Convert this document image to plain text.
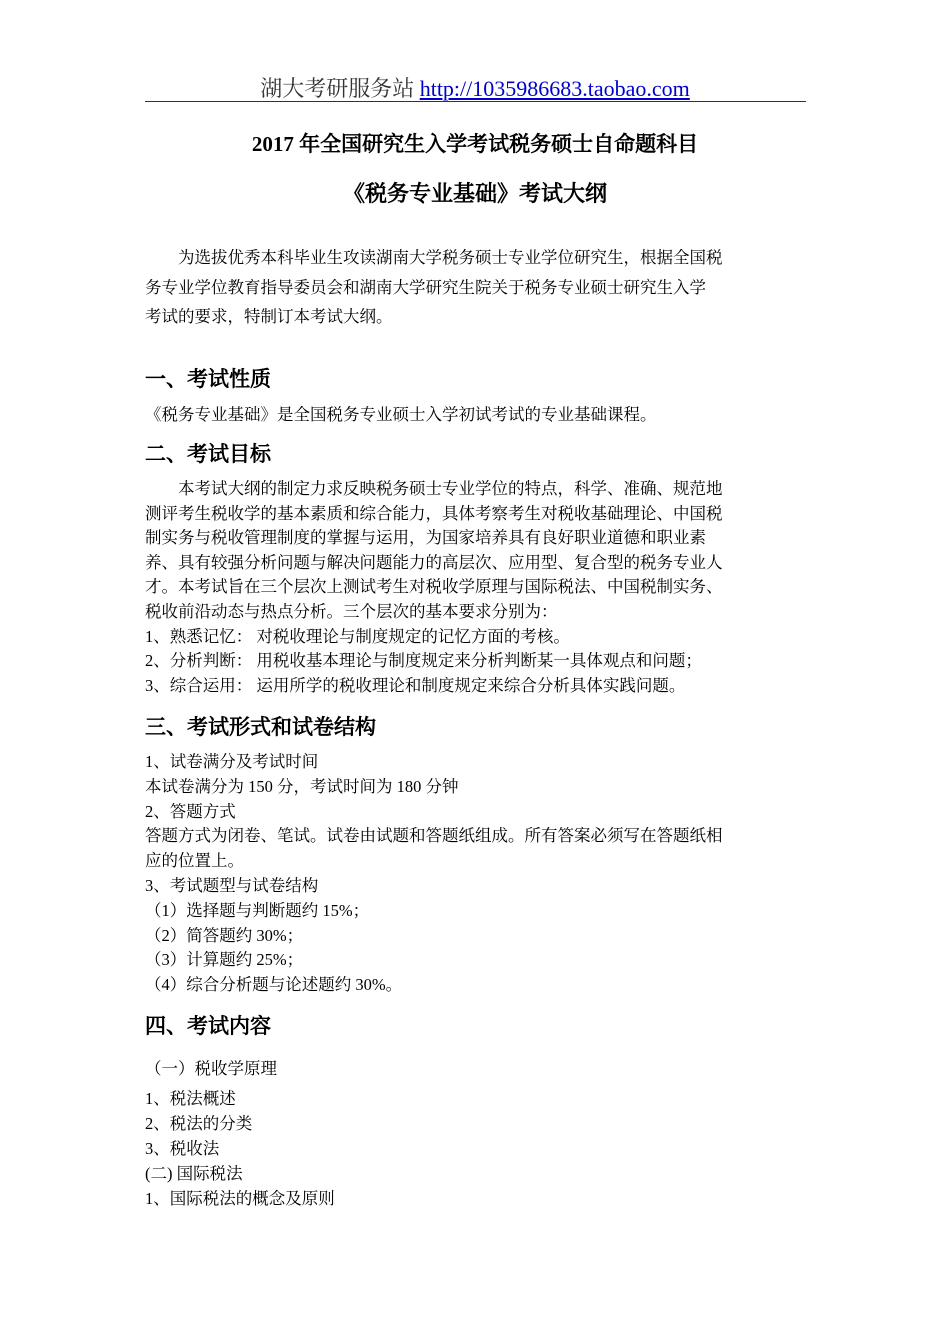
湖大考研服务站 http://1035986683.taobao.com
2017 年全国研究生入学考试税务硕士自命题科目
《税务专业基础》考试大纲
　　为选拔优秀本科毕业生攻读湖南大学税务硕士专业学位研究生，根据全国税
务专业学位教育指导委员会和湖南大学研究生院关于税务专业硕士研究生入学
考试的要求，特制订本考试大纲。
一、考试性质
《税务专业基础》是全国税务专业硕士入学初试考试的专业基础课程。
二、考试目标
　　本考试大纲的制定力求反映税务硕士专业学位的特点，科学、准确、规范地
测评考生税收学的基本素质和综合能力，具体考察考生对税收基础理论、中国税
制实务与税收管理制度的掌握与运用，为国家培养具有良好职业道德和职业素
养、具有较强分析问题与解决问题能力的高层次、应用型、复合型的税务专业人
才。本考试旨在三个层次上测试考生对税收学原理与国际税法、中国税制实务、
税收前沿动态与热点分析。三个层次的基本要求分别为：
1、熟悉记忆： 对税收理论与制度规定的记忆方面的考核。
2、分析判断： 用税收基本理论与制度规定来分析判断某一具体观点和问题；
3、综合运用： 运用所学的税收理论和制度规定来综合分析具体实践问题。
三、考试形式和试卷结构
1、试卷满分及考试时间
本试卷满分为 150 分，考试时间为 180 分钟
2、答题方式
答题方式为闭卷、笔试。试卷由试题和答题纸组成。所有答案必须写在答题纸相
应的位置上。
3、考试题型与试卷结构
（1）选择题与判断题约 15%；
（2）简答题约 30%；
（3）计算题约 25%；
（4）综合分析题与论述题约 30%。
四、考试内容
（一）税收学原理
1、税法概述
2、税法的分类
3、税收法
(二) 国际税法
1、国际税法的概念及原则
